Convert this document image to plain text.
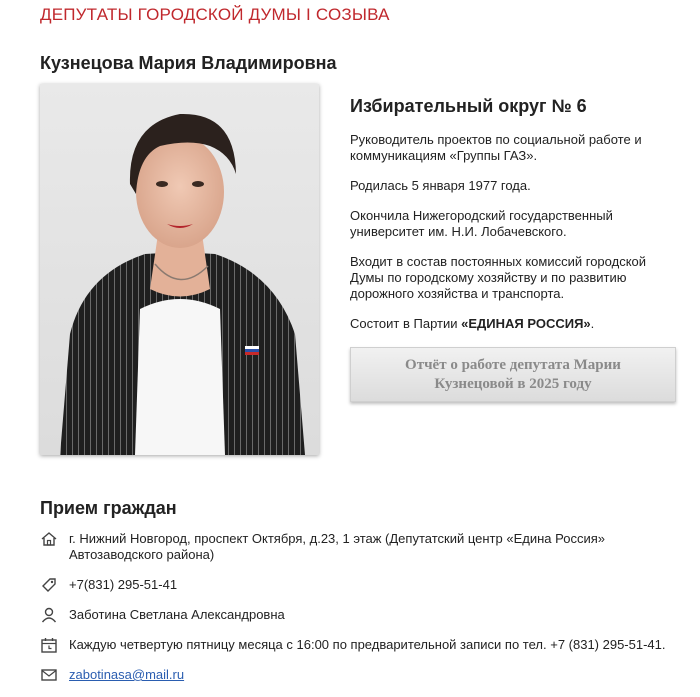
ДЕПУТАТЫ ГОРОДСКОЙ ДУМЫ I СОЗЫВА
Кузнецова Мария Владимировна
Избирательный округ № 6

Руководитель проектов по социальной работе и коммуникациям «Группы ГАЗ».

Родилась 5 января 1977 года.

Окончила Нижегородский государственный университет им. Н.И. Лобачевского.

Входит в состав постоянных комиссий городской Думы по городскому хозяйству и по развитию дорожного хозяйства и транспорта.

Состоит в Партии «ЕДИНАЯ РОССИЯ».

Отчёт о работе депутата Марии Кузнецовой в 2025 году
Прием граждан
г. Нижний Новгород, проспект Октября, д.23, 1 этаж (Депутатский центр «Едина Россия» Автозаводского района)
+7(831) 295-51-41
Заботина Светлана Александровна
Каждую четвертую пятницу месяца с 16:00 по предварительной записи по тел. +7 (831) 295-51-41.
zabotinasa@mail.ru
